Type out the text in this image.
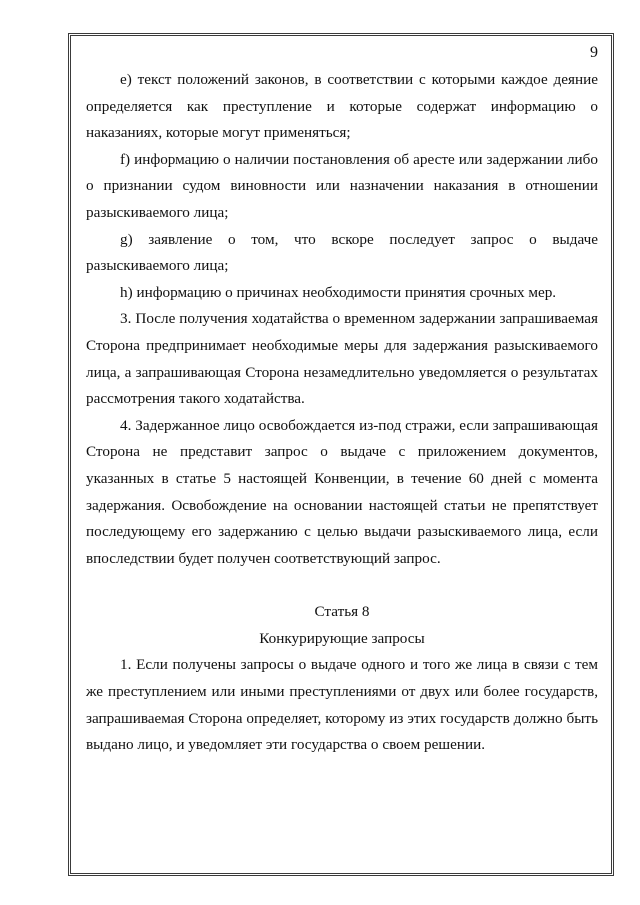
9

e) текст положений законов, в соответствии с которыми каждое деяние определяется как преступление и которые содержат информацию о наказаниях, которые могут применяться;

f) информацию о наличии постановления об аресте или задержании либо о признании судом виновности или назначении наказания в отношении разыскиваемого лица;

g) заявление о том, что вскоре последует запрос о выдаче разыскиваемого лица;

h) информацию о причинах необходимости принятия срочных мер.

3. После получения ходатайства о временном задержании запрашиваемая Сторона предпринимает необходимые меры для задержания разыскиваемого лица, а запрашивающая Сторона незамедлительно уведомляется о результатах рассмотрения такого ходатайства.

4. Задержанное лицо освобождается из-под стражи, если запрашивающая Сторона не представит запрос о выдаче с приложением документов, указанных в статье 5 настоящей Конвенции, в течение 60 дней с момента задержания. Освобождение на основании настоящей статьи не препятствует последующему его задержанию с целью выдачи разыскиваемого лица, если впоследствии будет получен соответствующий запрос.

Статья 8

Конкурирующие запросы

1. Если получены запросы о выдаче одного и того же лица в связи с тем же преступлением или иными преступлениями от двух или более государств, запрашиваемая Сторона определяет, которому из этих государств должно быть выдано лицо, и уведомляет эти государства о своем решении.
